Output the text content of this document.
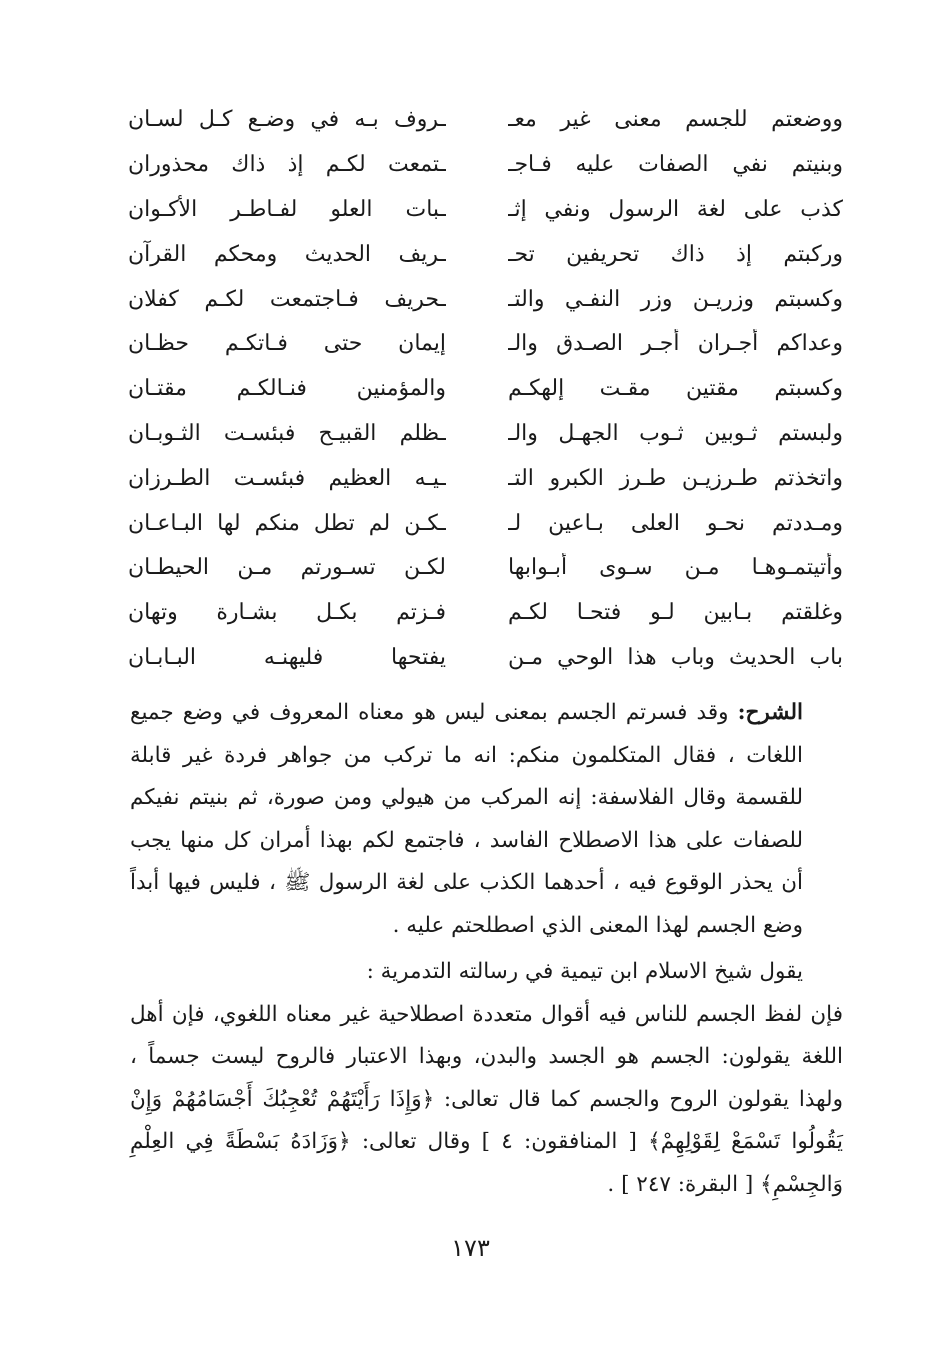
ووضعتم للجسم معنى غير معـ
ـروف بـه في وضـع كـل لسـان
وبنيتم نفي الصفات عليه فـاجـ
ـتمعت لكـم إذ ذاك محذوران
كذب على لغة الرسول ونفي إثـ
ـبات العلو لفـاطـر الأكـوان
وركبتم إذ ذاك تحريفين تحـ
ـريف الحديث ومحكم القرآن
وكسبتم وزريـن وزر النفـي والتـ
ـحريف فـاجتمعت لكـم كفلان
وعداكم أجـران أجـر الصـدق والـ
إيمان حتى فـاتكـم حظـان
وكسبتم مقتين مقـت إلهكـم
والمؤمنين فنـالكـم مقتـان
ولبستم ثـوبين ثـوب الجهـل والـ
ـظلم القبيـح فبئسـت الثـوبـان
واتخذتم طـرزيـن طـرز الكبرو التـ
ـيـه العظيم فبئسـت الطـرزان
ومـددتم نحـو العلى بـاعين لـ
ـكـن لم تطل منكم لها البـاعـان
وأتيتمـوهـا مـن سـوى أبـوابها
لكـن تسـورتم مـن الحيطـان
وغلقتم بـابين لـو فتحـا لكـم
فـزتم بكـل بشـارة وتهان
باب الحديث وباب هذا الوحي مـن
يفتحها فليهنـه البـابـان

الشرح: وقد فسرتم الجسم بمعنى ليس هو معناه المعروف في وضع جميع اللغات ، فقال المتكلمون منكم: انه ما تركب من جواهر فردة غير قابلة للقسمة وقال الفلاسفة: إنه المركب من هيولي ومن صورة، ثم بنيتم نفيكم للصفات على هذا الاصطلاح الفاسد ، فاجتمع لكم بهذا أمران كل منها يجب أن يحذر الوقوع فيه ، أحدهما الكذب على لغة الرسول ﷺ ، فليس فيها أبداً وضع الجسم لهذا المعنى الذي اصطلحتم عليه .

يقول شيخ الاسلام ابن تيمية في رسالته التدمرية :

فإن لفظ الجسم للناس فيه أقوال متعددة اصطلاحية غير معناه اللغوي، فإن أهل اللغة يقولون: الجسم هو الجسد والبدن، وبهذا الاعتبار فالروح ليست جسماً ، ولهذا يقولون الروح والجسم كما قال تعالى: ﴿وَإِذَا رَأَيْتَهُمْ تُعْجِبُكَ أَجْسَامُهُمْ وَإِنْ يَقُولُوا تَسْمَعْ لِقَوْلِهِمْ﴾ [ المنافقون: ٤ ] وقال تعالى: ﴿وَزَادَهُ بَسْطَةً فِي العِلْمِ وَالجِسْمِ﴾ [ البقرة: ٢٤٧ ] .

١٧٣
